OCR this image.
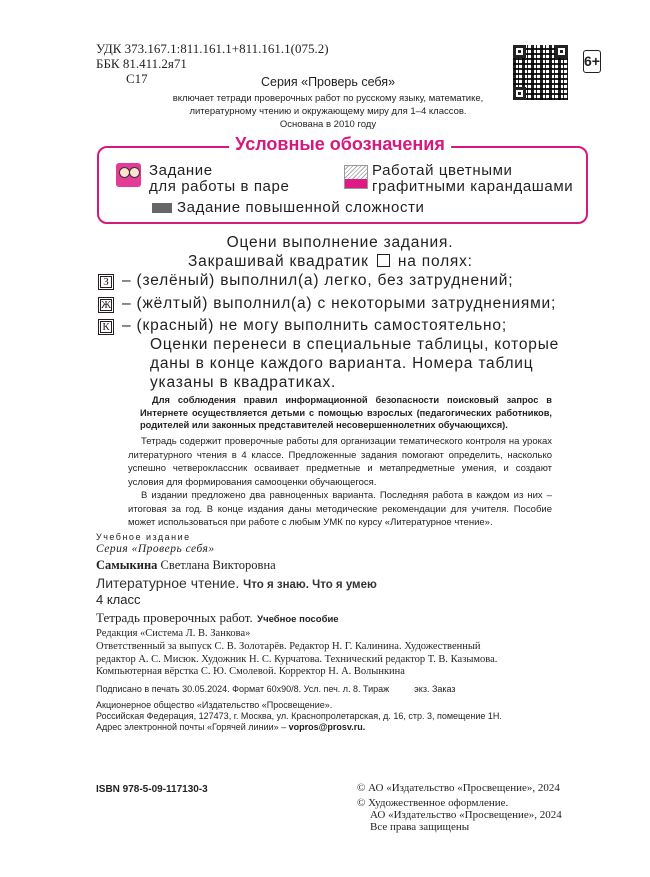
УДК 373.167.1:811.161.1+811.161.1(075.2)
ББК 81.411.2я71
С17	Серия «Проверь себя»
включает тетради проверочных работ по русскому языку, математике,
литературному чтению и окружающему миру для 1–4 классов.
Основана в 2010 году
6+
Условные обозначения
Задание
для работы в паре
Работай цветными
графитными карандашами
Задание повышенной сложности
Оцени выполнение задания.
Закрашивай квадратик на полях:
З – (зелёный) выполнил(а) легко, без затруднений;
Ж – (жёлтый) выполнил(а) с некоторыми затруднениями;
К – (красный) не могу выполнить самостоятельно;
Оценки перенеси в специальные таблицы, которые
даны в конце каждого варианта. Номера таблиц
указаны в квадратиках.
Для соблюдения правил информационной безопасности поисковый запрос в Интернете осуществляется детьми с помощью взрослых (педагогических работников, родителей или законных представителей несовершеннолетних обучающихся).
Тетрадь содержит проверочные работы для организации тематического контроля на уроках литературного чтения в 4 классе. Предложенные задания помогают определить, насколько успешно четвероклассник осваивает предметные и метапредметные умения, и создают условия для формирования самооценки обучающегося.
В издании предложено два равноценных варианта. Последняя работа в каждом из них – итоговая за год. В конце издания даны методические рекомендации для учителя. Пособие может использоваться при работе с любым УМК по курсу «Литературное чтение».
Учебное издание
Серия «Проверь себя»
Самыкина Светлана Викторовна
Литературное чтение. Что я знаю. Что я умею
4 класс
Тетрадь проверочных работ. Учебное пособие
Редакция «Система Л. В. Занкова»
Ответственный за выпуск С. В. Золотарёв. Редактор Н. Г. Калинина. Художественный
редактор А. С. Мисюк. Художник Н. С. Курчатова. Технический редактор Т. В. Казымова.
Компьютерная вёрстка С. Ю. Смолевой. Корректор Н. А. Волынкина
Подписано в печать 30.05.2024. Формат 60x90/8. Усл. печ. л. 8. Тираж          экз. Заказ
Акционерное общество «Издательство «Просвещение».
Российская Федерация, 127473, г. Москва, ул. Краснопролетарская, д. 16, стр. 3, помещение 1Н.
Адрес электронной почты «Горячей линии» – vopros@prosv.ru.
ISBN 978-5-09-117130-3	© АО «Издательство «Просвещение», 2024
© Художественное оформление.
АО «Издательство «Просвещение», 2024
Все права защищены
